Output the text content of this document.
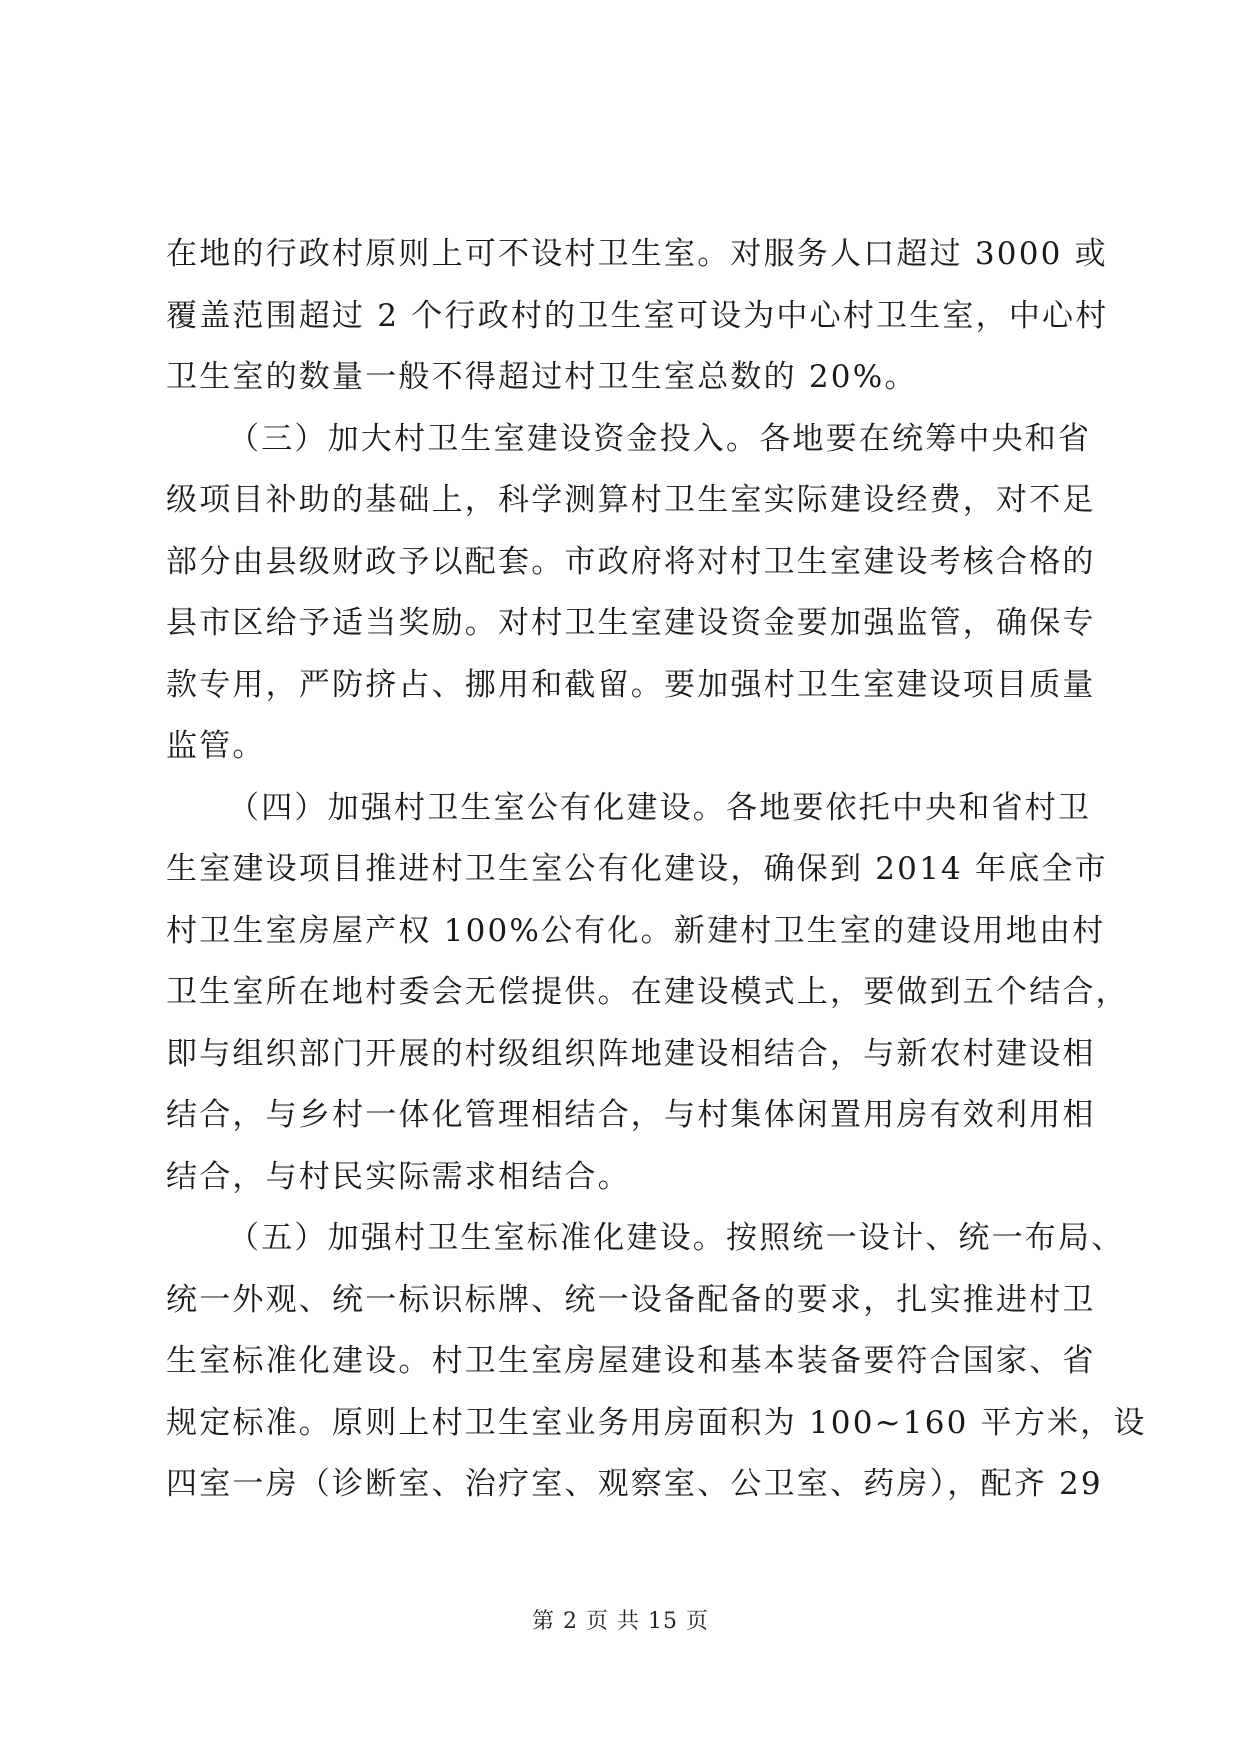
在地的行政村原则上可不设村卫生室。对服务人口超过 3000 或
覆盖范围超过 2 个行政村的卫生室可设为中心村卫生室，中心村
卫生室的数量一般不得超过村卫生室总数的 20%。
（三）加大村卫生室建设资金投入。各地要在统筹中央和省
级项目补助的基础上，科学测算村卫生室实际建设经费，对不足
部分由县级财政予以配套。市政府将对村卫生室建设考核合格的
县市区给予适当奖励。对村卫生室建设资金要加强监管，确保专
款专用，严防挤占、挪用和截留。要加强村卫生室建设项目质量
监管。
（四）加强村卫生室公有化建设。各地要依托中央和省村卫
生室建设项目推进村卫生室公有化建设，确保到 2014 年底全市
村卫生室房屋产权 100%公有化。新建村卫生室的建设用地由村
卫生室所在地村委会无偿提供。在建设模式上，要做到五个结合，
即与组织部门开展的村级组织阵地建设相结合，与新农村建设相
结合，与乡村一体化管理相结合，与村集体闲置用房有效利用相
结合，与村民实际需求相结合。
（五）加强村卫生室标准化建设。按照统一设计、统一布局、
统一外观、统一标识标牌、统一设备配备的要求，扎实推进村卫
生室标准化建设。村卫生室房屋建设和基本装备要符合国家、省
规定标准。原则上村卫生室业务用房面积为 100~160 平方米，设
四室一房（诊断室、治疗室、观察室、公卫室、药房），配齐 29
第 2 页 共 15 页
